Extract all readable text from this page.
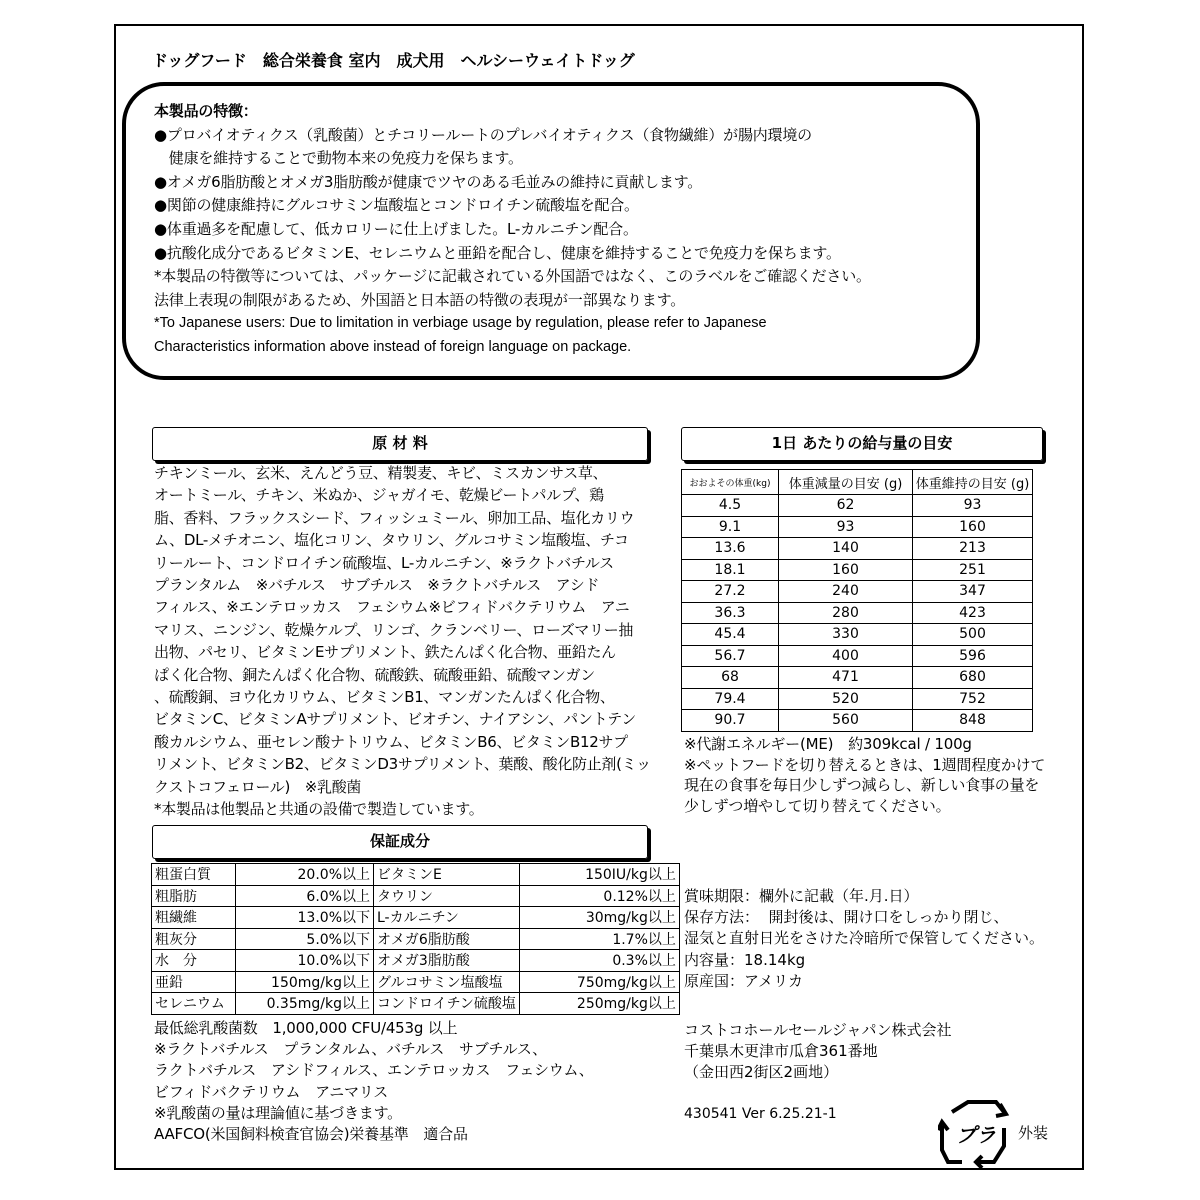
ドッグフード　総合栄養食 室内　成犬用　ヘルシーウェイトドッグ
本製品の特徴：
●プロバイオティクス（乳酸菌）とチコリールートのプレバイオティクス（食物繊維）が腸内環境の
　健康を維持することで動物本来の免疫力を保ちます。
●オメガ6脂肪酸とオメガ3脂肪酸が健康でツヤのある毛並みの維持に貢献します。
●関節の健康維持にグルコサミン塩酸塩とコンドロイチン硫酸塩を配合。
●体重過多を配慮して、低カロリーに仕上げました。L-カルニチン配合。
●抗酸化成分であるビタミンE、セレニウムと亜鉛を配合し、健康を維持することで免疫力を保ちます。
*本製品の特徴等については、パッケージに記載されている外国語ではなく、このラベルをご確認ください。
法律上表現の制限があるため、外国語と日本語の特徴の表現が一部異なります。
*To Japanese users: Due to limitation in verbiage usage by regulation, please refer to Japanese
Characteristics information above instead of foreign language on package.
原 材 料
チキンミール、玄米、えんどう豆、精製麦、キビ、ミスカンサス草、
オートミール、チキン、米ぬか、ジャガイモ、乾燥ビートパルプ、鶏
脂、香料、フラックスシード、フィッシュミール、卵加工品、塩化カリウ
ム、DL-メチオニン、塩化コリン、タウリン、グルコサミン塩酸塩、チコ
リールート、コンドロイチン硫酸塩、L-カルニチン、※ラクトバチルス
プランタルム　※バチルス　サブチルス　※ラクトバチルス　アシド
フィルス、※エンテロッカス　フェシウム※ビフィドバクテリウム　アニ
マリス、ニンジン、乾燥ケルプ、リンゴ、クランベリー、ローズマリー抽
出物、パセリ、ビタミンEサプリメント、鉄たんぱく化合物、亜鉛たん
ぱく化合物、銅たんぱく化合物、硫酸鉄、硫酸亜鉛、硫酸マンガン
、硫酸銅、ヨウ化カリウム、ビタミンB1、マンガンたんぱく化合物、
ビタミンC、ビタミンAサプリメント、ビオチン、ナイアシン、パントテン
酸カルシウム、亜セレン酸ナトリウム、ビタミンB6、ビタミンB12サプ
リメント、ビタミンB2、ビタミンD3サプリメント、葉酸、酸化防止剤(ミッ
クストコフェロール)　※乳酸菌
*本製品は他製品と共通の設備で製造しています。
1日 あたりの給与量の目安
おおよその体重(kg)	体重減量の目安 (g)	体重維持の目安 (g)
4.5	62	93
9.1	93	160
13.6	140	213
18.1	160	251
27.2	240	347
36.3	280	423
45.4	330	500
56.7	400	596
68	471	680
79.4	520	752
90.7	560	848
※代謝エネルギー(ME)　約309kcal / 100g
※ペットフードを切り替えるときは、1週間程度かけて
現在の食事を毎日少しずつ減らし、新しい食事の量を
少しずつ増やして切り替えてください。
保証成分
粗蛋白質	20.0%以上	ビタミンE	150IU/kg以上
粗脂肪	6.0%以上	タウリン	0.12%以上
粗繊維	13.0%以下	L-カルニチン	30mg/kg以上
粗灰分	5.0%以下	オメガ6脂肪酸	1.7%以上
水　分	10.0%以下	オメガ3脂肪酸	0.3%以上
亜鉛	150mg/kg以上	グルコサミン塩酸塩	750mg/kg以上
セレニウム	0.35mg/kg以上	コンドロイチン硫酸塩	250mg/kg以上
最低総乳酸菌数　1,000,000 CFU/453g 以上
※ラクトバチルス　プランタルム、バチルス　サブチルス、
ラクトバチルス　アシドフィルス、エンテロッカス　フェシウム、
ビフィドバクテリウム　アニマリス
※乳酸菌の量は理論値に基づきます。
AAFCO(米国飼料検査官協会)栄養基準　適合品
賞味期限：欄外に記載（年.月.日）
保存方法：  開封後は、開け口をしっかり閉じ、
湿気と直射日光をさけた冷暗所で保管してください。
内容量：18.14kg
原産国：アメリカ
コストコホールセールジャパン株式会社
千葉県木更津市瓜倉361番地
（金田西2街区2画地）
430541 Ver 6.25.21-1
プラ 外装
